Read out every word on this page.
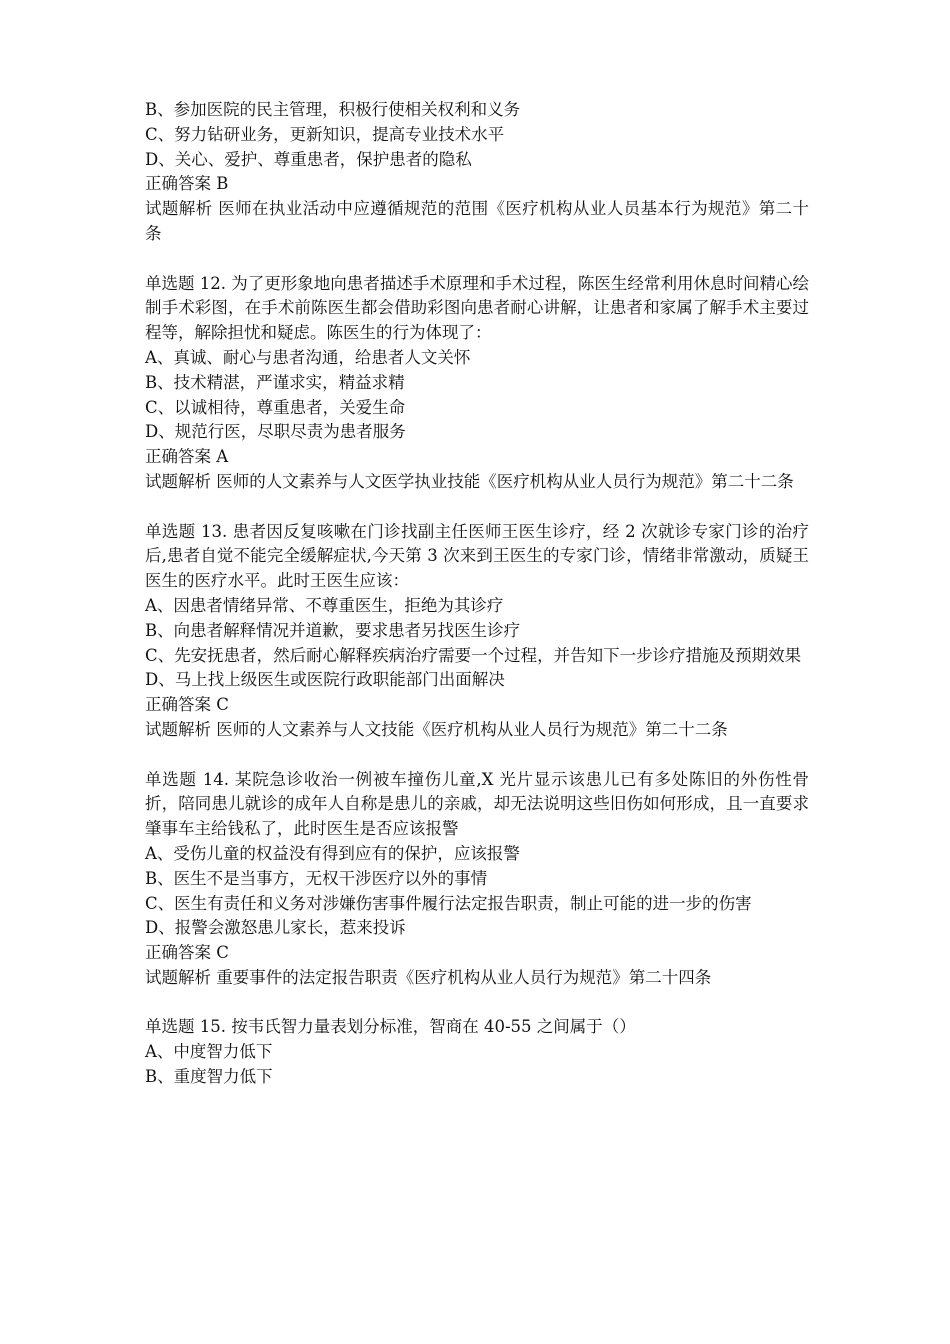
B、参加医院的民主管理，积极行使相关权利和义务
C、努力钻研业务，更新知识，提高专业技术水平
D、关心、爱护、尊重患者，保护患者的隐私
正确答案 B
试题解析 医师在执业活动中应遵循规范的范围《医疗机构从业人员基本行为规范》第二十条
单选题 12. 为了更形象地向患者描述手术原理和手术过程，陈医生经常利用休息时间精心绘制手术彩图，在手术前陈医生都会借助彩图向患者耐心讲解，让患者和家属了解手术主要过程等，解除担忧和疑虑。陈医生的行为体现了：
A、真诚、耐心与患者沟通，给患者人文关怀
B、技术精湛，严谨求实，精益求精
C、以诚相待，尊重患者，关爱生命
D、规范行医，尽职尽责为患者服务
正确答案 A
试题解析 医师的人文素养与人文医学执业技能《医疗机构从业人员行为规范》第二十二条
单选题 13. 患者因反复咳嗽在门诊找副主任医师王医生诊疗，经 2 次就诊专家门诊的治疗后,患者自觉不能完全缓解症状,今天第 3 次来到王医生的专家门诊，情绪非常激动，质疑王医生的医疗水平。此时王医生应该：
A、因患者情绪异常、不尊重医生，拒绝为其诊疗
B、向患者解释情况并道歉，要求患者另找医生诊疗
C、先安抚患者，然后耐心解释疾病治疗需要一个过程，并告知下一步诊疗措施及预期效果
D、马上找上级医生或医院行政职能部门出面解决
正确答案 C
试题解析 医师的人文素养与人文技能《医疗机构从业人员行为规范》第二十二条
单选题 14. 某院急诊收治一例被车撞伤儿童,X 光片显示该患儿已有多处陈旧的外伤性骨折，陪同患儿就诊的成年人自称是患儿的亲戚，却无法说明这些旧伤如何形成，且一直要求肇事车主给钱私了，此时医生是否应该报警
A、受伤儿童的权益没有得到应有的保护，应该报警
B、医生不是当事方，无权干涉医疗以外的事情
C、医生有责任和义务对涉嫌伤害事件履行法定报告职责，制止可能的进一步的伤害
D、报警会激怒患儿家长，惹来投诉
正确答案 C
试题解析 重要事件的法定报告职责《医疗机构从业人员行为规范》第二十四条
单选题 15. 按韦氏智力量表划分标准，智商在 40-55 之间属于（）
A、中度智力低下
B、重度智力低下
